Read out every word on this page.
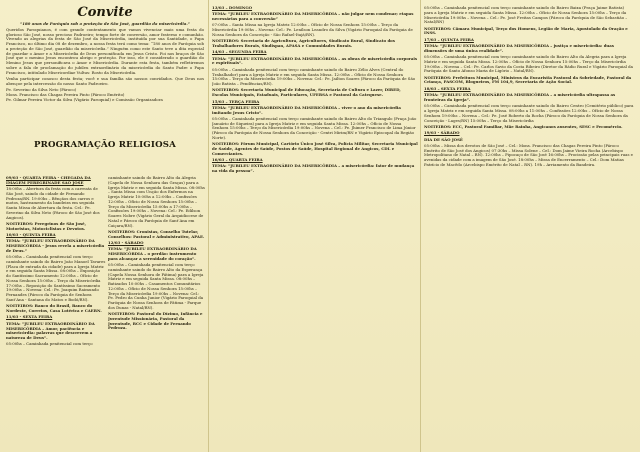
Convite

“180 anos de Paróquia sob a proteção de São José, guardião da misericórdia.”

Queridos Paroquianos, é com grande contentamento que vamos vivenciar mais uma festa do glorioso São José, nosso precioso Padroeiro; tempo forte de conversão, amor fraterno e comunhão. Vivendo as alegrias da festa de São José da Misericórdia, instituída por sua Santidade, o Papa Francisco, no último dia 08 de dezembro, a nossa festa terá como tema: “180 anos de Paróquia sob a proteção de São José, guardião da misericórdia.” Ninguém como este Santo teve a dita especial de guardar o Amor e a Misericórdia de Deus personificada em Jesus Cristo. Foi nos braços de São José que o menino Jesus encontrou abrigo e proteção. Por isso, ele é considerado o guardião do Menino Jesus que personificava o Amor e Misericórdia. Durante esta festa, também refletiremos sobre a fala de proclamação do jubileu extraordinário da misericórdia do Santo Padre o Papa Francisco, intitulado Misericordiae Vultus: Rosto da Misericórdia.

Venha participar conosco desta festa; você e sua família são nossos convidados. Que Deus nos abençoe pela intercessão do nosso Santo Padroeiro.

Pe. Severino da Silva Neto (Pároco)

Mons. Francisco das Chagas Pereira Pinto (Pároco Emérito)

Pe. Gilmar Pereira Victor da Silva (Vigário Paroquial) e Comissão Organizadora

PROGRAMAÇÃO RELIGIOSA

09/03 - QUARTA FEIRA - CHEGADA DA IMAGEM PEREGRINADE SÃO JOSÉ

18:00hs – Abertura da festa com a carreata de São José, saindo da cidade de Fernando Pedroza/RN. 19:00hs – Bênçãos dos carros e motos, hasteamento da bandeira em seguida Santa Missa de Abertura da festa. Cel.: Pe. Severino da Silva Neto (Pároco de São José dos Angicos).

NOITEIROS: Peregrinos de São José, Motoristas, Motociclistas e Devotos.

10/03 - QUINTA FEIRA

TEMA: “JUBILEU EXTRAORDINÁRIO DA MISERICÓRDIA - Jesus revela a misericórdia de Deus.”

05:00hs – Caminhada penitencial com terço caminhante saindo do Bairro João Manoel Tavares (Placa de entrada da cidade) para a Igreja Matriz e em seguida Santa Missa. 08:00hs – Exposição do Santíssimo Sacramento 12:00hs – Ofício de Nossa Senhora 15:00hs – Terço da Misericórdia 17:00hs – Reposição do Santíssimo Sacramento 19:00hs – Novena: Cel.: Pe. Joaquim Raimundo Fernandes (Pároco da Paróquia de Senhora Sant’Ana - Santana do Matos e Bodó/RN).

NOITEIROS: Banco do Brasil, Banco do Nordeste, Correios, Casa Lotérica e CAERN.

11/03 - SEXTA FEIRA

TEMA: “JUBILEU EXTRAORDINÁRIO DA MISERICÓRDIA – Amor, paciência e misericórdia: palavras que descrevem a natureza de Deus”.

05:00hs – Caminhada penitencial com terço

caminhante saindo do Bairro Alto da Alegria (Capela de Nossa Senhora das Graças) para a Igreja Matriz e em seguida Santa Missa. 08:00hs – Santa Missa com Unção dos Enfermos na Igreja Matriz 10:00hs a 12:00hs – Confissões 12:00hs – Ofício de Nossa Senhora 15:00hs – Terço da Misericórdia 15:00hs a 17:00hs – Confissões 19:00hs – Novena: Cel.: Pe. Edilson Soares Nobre (Vigário Geral da Arquidiocese de Natal e Pároco da Paróquia de Sant’Ana em Caiçara/RN).

NOITEIROS: Cronistas, Conselho Tutelar, Conselhos: Pastoral e Administrativo, APAE.

12/03 - SÁBADO

TEMA: “JUBILEU EXTRAORDINÁRIO DA MISERICÓRDIA – o perdão: instrumento para alcançar a serenidade do coração”.

05:00hs – Caminhada penitencial com terço caminhante saindo do Bairro Alto da Esperança (Capela Nossa Senhora de Fátima) para a Igreja Matriz e em seguida Santa Missa. 08:00hs – Batizados 10:00hs – Casamentos Comunitários 12:00hs – Ofício de Nossa Senhora 15:00hs – Terço da Misericórdia 19:00hs – Novena: Cel.: Pe. Pedro da Cunha Junior (Vigário Paroquial da Paróquia de Nossa Senhora de Fátima - Parque dos Dunas - Natal/RN).

NOITEIROS: Pastoral do Dízimo, Infância e Juventude Missionária, Pastoral da Juventude, RCC e Cidade de Fernando Pedroza.

13/03 – DOMINGO

TEMA: “JUBILEU EXTRAORDINÁRIO DA MISERICÓRDIA – não julgar nem condenar; etapas necessárias para a conversão”

07:00hs – Santa Missa na Igreja Matriz 12:00hs – Ofício de Nossa Senhora 15:00hs – Terço da Misericórdia 19:00hs – Novena: Cel.: Pe. Lenílson Leandro da Silva (Vigário Paroquial da Paróquia de Nossa Senhora da Conceição - São Rafael-Itajá/RN).

NOITEIROS: Secretaria de Agricultura, Agricultores, Sindicato Rural, Sindicato dos Trabalhadores Rurais, Sindispan, APASA e Comunidades Rurais.

14/03 – SEGUNDA FEIRA

TEMA: “JUBILEU EXTRAORDINÁRIO DA MISERICÓRDIA – as obras de misericórdia corporais e espirituais”.

05:00hs – Caminhada penitencial com terço caminhante saindo do Bairro Zélio Alves (Central do Trabalhador) para a Igreja Matriz e em seguida Santa Missa. 12:00hs – Ofício de Nossa Senhora 15:00hs – Terço da Misericórdia 19:00hs – Novena: Cel.: Pe. Jailton Soares (Pároco da Paróquia de São João Batista – Pendências/RN).

NOITEIROS: Secretaria Municipal de Educação, Secretaria de Cultura e Lazer, DIRED, Escolas Municipais, Estaduais, Particulares, UFERSA e Pastoral da Catequese.

15/03 – TERÇA FEIRA

TEMA: “JUBILEU EXTRAORDINÁRIO DA MISERICÓRDIA – viver o ano da misericórdia imitando Jesus Cristo”.

05:00hs – Caminhada penitencial com terço caminhante saindo do Bairro Alto do Triangulo (Praça João Januário de Siqueira) para a Igreja Matriz e em seguida Santa Missa. 12:00hs – Ofício de Nossa Senhora 15:00hs – Terço da Misericórdia 19:00hs – Novena – Cel.: Pe. Jhimer Francisco de Lima Júnior (Pároco da Paróquia de Nossa Senhora da Conceição - Centri Mirim/RN e Vigário Episcopal da Região Norte).

NOITEIROS: Fórum Municipal, Cartório Único José Silva, Polícia Militar, Secretaria Municipal de Saúde, Agentes de Saúde, Postos de Saúde, Hospital Regional de Angicos, CDL e Comerciantes.

16/03 – QUARTA FEIRA

TEMA: “JUBILEU EXTRAORDINÁRIO DA MISERICÓRDIA – a misericórdia: fator de mudança na vida da pessoa”.

05:00hs – Caminhada penitencial com terço caminhante saindo do Bairro Baixa (Praça Jaime Batista) para a Igreja Matriz e em seguida Santa Missa. 12:00hs – Ofício de Nossa Senhora 15:00hs – Terço da Misericórdia 19:00hs – Novena – Cel.: Pe. José Freitas Campos (Pároco da Paróquia de São Sebastião – Natal/RN)

NOITEIROS: Câmara Municipal, Terço dos Homens, Legião de Maria, Apostolado da Oração e INSS.

17/03 – QUINTA FEIRA

TEMA: “JUBILEU EXTRAORDINÁRIO DA MISERICÓRDIA – justiça e misericórdia: duas dimensões de uma única realidade”.

05:00hs – Caminhada penitencial com terço caminhante saindo do Bairro Alto da Alegria para a Igreja Matriz e em seguida Santa Missa. 12:00hs – Ofício de Nossa Senhora 15:00hs – Terço da Misericórdia 19:00hs – Novena – Cel.: Pe. Carlos Savio da Costa Ribeiro (Diretor da Rádio Rural e Vigário Paroquial da Paróquia de Santo Afonso Maria de Ligório – Natal/RN).

NOITEIROS: Prefeitura Municipal, Ministros da Eucaristia Pastoral da Sobriedade, Pastoral da Criança, PASCOM, Blogueiros, FM 104,9, Secretaria de Ação Social.

18/03 – SEXTA FEIRA

TEMA: “JUBILEU EXTRAORDINÁRIO DA MISERICÓRDIA – a misericórdia ultrapassa as fronteiras da Igreja”.

05:00hs – Caminhada penitencial com terço caminhante saindo do Bairro Centro (Cemitério público) para a Igreja Matriz e em seguida Santa Missa. 08:00hs a 11:00hs – Confissões 12:00hs – Ofício de Nossa Senhora 19:00hs – Novena – Cel.: Pe. José Roberto da Rocha (Pároco da Paróquia de Nossa Senhora da Conceição - Lages/RN) 15:00hs – Terço da Misericórdia

NOITEIROS: ECC, Pastoral Familiar, Mãe Rainha, Angicanos ausentes, SESC e Fecomércio.

19/03 - SÁBADO

DIA DE SÃO JOSÉ

05:00hs – Missa dos devotos de São José – Cel.: Mons. Francisco das Chagas Pereira Pinto (Pároco Emérito de São José dos Angicos) 07:30hs – Missa Solene – Cel.: Dom Jaime Vieira Rocha (Arcebispo Metropolitano de Natal – RN). 12:00hs – Pipocaço de São José 16:00hs – Procissão pelas principais ruas e avenidas da cidade com a imagem de São José. 18:00hs – Missa de Encerramento – Cel.: Dom Matias Patrício de Macêdo (Arcebispo Emérito de Natal – RN). 19h – Arriamento da Bandeira.
